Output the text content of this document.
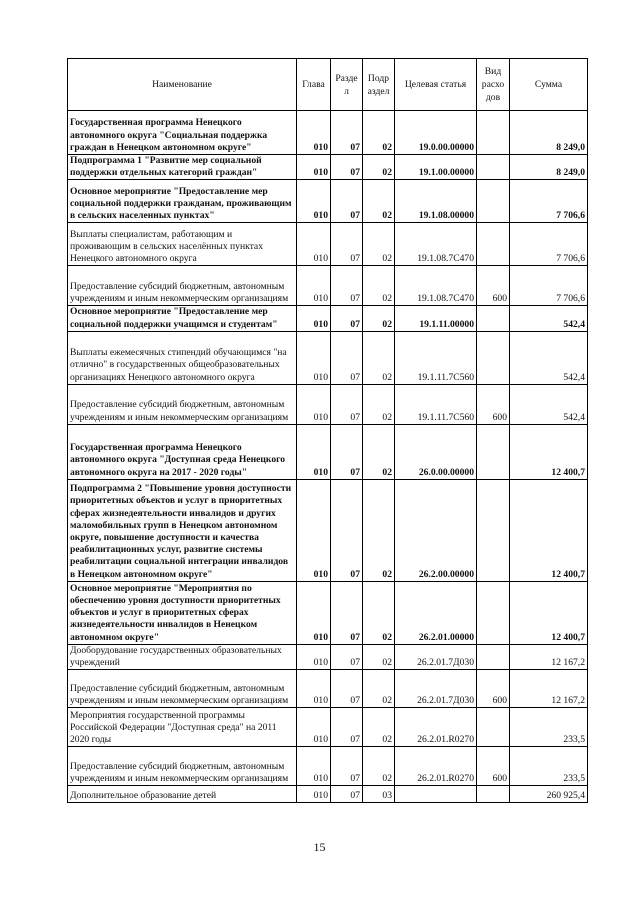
Наименование	Глава	Разде л	Подр аздел	Целевая статья	Вид расхо дов	Сумма
Государственная программа Ненецкого автономного округа "Социальная поддержка граждан в Ненецком автономном округе"	010	07	02	19.0.00.00000		8 249,0
Подпрограмма 1 "Развитие мер социальной поддержки отдельных категорий граждан"	010	07	02	19.1.00.00000		8 249,0
Основное мероприятие "Предоставление мер социальной поддержки гражданам, проживающим в сельских населенных пунктах"	010	07	02	19.1.08.00000		7 706,6
Выплаты специалистам, работающим и проживающим в сельских населённых пунктах Ненецкого автономного округа	010	07	02	19.1.08.7С470		7 706,6
Предоставление субсидий бюджетным, автономным учреждениям и иным некоммерческим организациям	010	07	02	19.1.08.7С470	600	7 706,6
Основное мероприятие "Предоставление мер социальной поддержки учащимся и студентам"	010	07	02	19.1.11.00000		542,4
Выплаты ежемесячных стипендий обучающимся "на отлично" в государственных общеобразовательных организациях Ненецкого автономного округа	010	07	02	19.1.11.7С560		542,4
Предоставление субсидий бюджетным, автономным учреждениям и иным некоммерческим организациям	010	07	02	19.1.11.7С560	600	542,4
Государственная программа Ненецкого автономного округа "Доступная среда Ненецкого автономного округа на 2017 - 2020 годы"	010	07	02	26.0.00.00000		12 400,7
Подпрограмма 2 "Повышение уровня доступности приоритетных объектов и услуг в приоритетных сферах жизнедеятельности инвалидов и других маломобильных групп в Ненецком автономном округе, повышение доступности и качества реабилитационных услуг, развитие системы реабилитации социальной интеграции инвалидов в Ненецком автономном округе"	010	07	02	26.2.00.00000		12 400,7
Основное мероприятие "Мероприятия по обеспечению уровня доступности приоритетных объектов и услуг в приоритетных сферах жизнедеятельности инвалидов в Ненецком автономном округе"	010	07	02	26.2.01.00000		12 400,7
Дооборудование государственных образовательных учреждений	010	07	02	26.2.01.7Д030		12 167,2
Предоставление субсидий бюджетным, автономным учреждениям и иным некоммерческим организациям	010	07	02	26.2.01.7Д030	600	12 167,2
Мероприятия государственной программы Российской Федерации "Доступная среда" на 2011 2020 годы	010	07	02	26.2.01.R0270		233,5
Предоставление субсидий бюджетным, автономным учреждениям и иным некоммерческим организациям	010	07	02	26.2.01.R0270	600	233,5
Дополнительное образование детей	010	07	03			260 925,4
15
